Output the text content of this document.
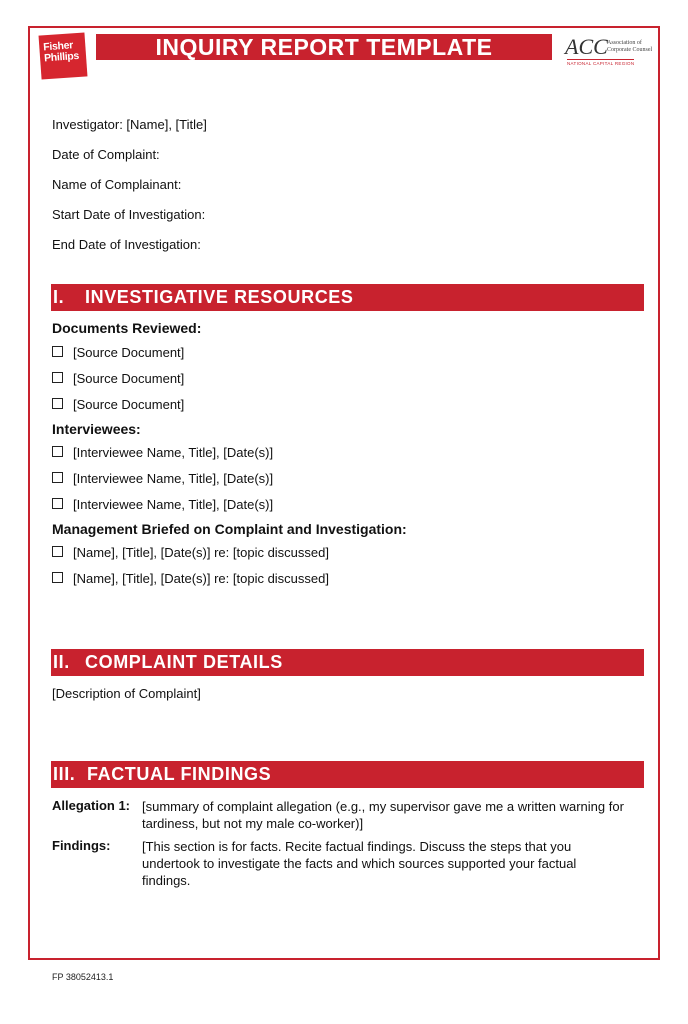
Fisher
Phillips	INQUIRY REPORT TEMPLATE	ACC Association of Corporate Counsel
NATIONAL CAPITAL REGION
Investigator: [Name], [Title]
Date of Complaint:
Name of Complainant:
Start Date of Investigation:
End Date of Investigation:
I. INVESTIGATIVE RESOURCES
Documents Reviewed:
[Source Document]
[Source Document]
[Source Document]
Interviewees:
[Interviewee Name, Title], [Date(s)]
[Interviewee Name, Title], [Date(s)]
[Interviewee Name, Title], [Date(s)]
Management Briefed on Complaint and Investigation:
[Name], [Title], [Date(s)] re: [topic discussed]
[Name], [Title], [Date(s)] re: [topic discussed]
II. COMPLAINT DETAILS
[Description of Complaint]
III. FACTUAL FINDINGS
Allegation 1: [summary of complaint allegation (e.g., my supervisor gave me a written warning for tardiness, but not my male co-worker)]
Findings: [This section is for facts. Recite factual findings. Discuss the steps that you undertook to investigate the facts and which sources supported your factual findings.
FP 38052413.1
